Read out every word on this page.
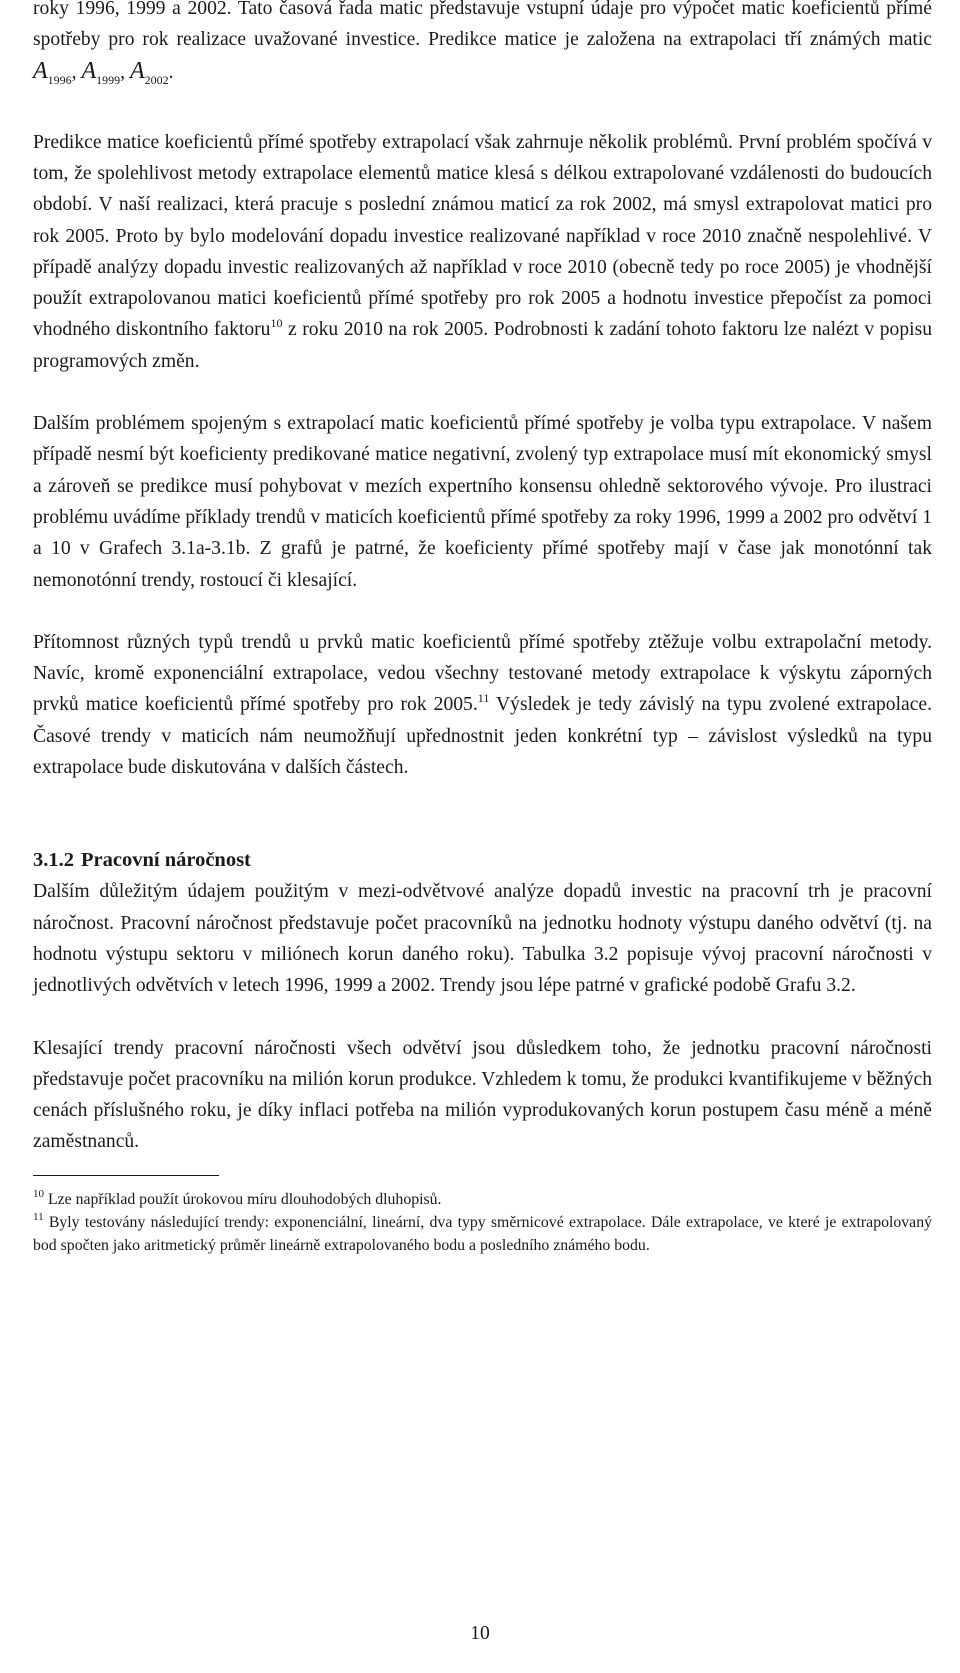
roky 1996, 1999 a 2002. Tato časová řada matic představuje vstupní údaje pro výpočet matic koeficientů přímé spotřeby pro rok realizace uvažované investice. Predikce matice je založena na extrapolaci tří známých matic $A_{1996}$, $A_{1999}$, $A_{2002}$.

Predikce matice koeficientů přímé spotřeby extrapolací však zahrnuje několik problémů. První problém spočívá v tom, že spolehlivost metody extrapolace elementů matice klesá s délkou extrapolované vzdálenosti do budoucích období. V naší realizaci, která pracuje s poslední známou maticí za rok 2002, má smysl extrapolovat matici pro rok 2005. Proto by bylo modelování dopadu investice realizované například v roce 2010 značně nespolehlivé. V případě analýzy dopadu investic realizovaných až například v roce 2010 (obecně tedy po roce 2005) je vhodnější použít extrapolovanou matici koeficientů přímé spotřeby pro rok 2005 a hodnotu investice přepočíst za pomoci vhodného diskontního faktoru$^{10}$ z roku 2010 na rok 2005. Podrobnosti k zadání tohoto faktoru lze nalézt v popisu programových změn.

Dalším problémem spojeným s extrapolací matic koeficientů přímé spotřeby je volba typu extrapolace. V našem případě nesmí být koeficienty predikované matice negativní, zvolený typ extrapolace musí mít ekonomický smysl a zároveň se predikce musí pohybovat v mezích expertního konsensu ohledně sektorového vývoje. Pro ilustraci problému uvádíme příklady trendů v maticích koeficientů přímé spotřeby za roky 1996, 1999 a 2002 pro odvětví 1 a 10 v Grafech 3.1a-3.1b. Z grafů je patrné, že koeficienty přímé spotřeby mají v čase jak monotónní tak nemonotónní trendy, rostoucí či klesající.

Přítomnost různých typů trendů u prvků matic koeficientů přímé spotřeby ztěžuje volbu extrapolační metody. Navíc, kromě exponenciální extrapolace, vedou všechny testované metody extrapolace k výskytu záporných prvků matice koeficientů přímé spotřeby pro rok 2005.11 Výsledek je tedy závislý na typu zvolené extrapolace. Časové trendy v maticích nám neumožňují upřednostnit jeden konkrétní typ – závislost výsledků na typu extrapolace bude diskutována v dalších částech.

3.1.2 Pracovní náročnost

Dalším důležitým údajem použitým v mezi-odvětvové analýze dopadů investic na pracovní trh je pracovní náročnost. Pracovní náročnost představuje počet pracovníků na jednotku hodnoty výstupu daného odvětví (tj. na hodnotu výstupu sektoru v miliónech korun daného roku). Tabulka 3.2 popisuje vývoj pracovní náročnosti v jednotlivých odvětvích v letech 1996, 1999 a 2002. Trendy jsou lépe patrné v grafické podobě Grafu 3.2.

Klesající trendy pracovní náročnosti všech odvětví jsou důsledkem toho, že jednotku pracovní náročnosti představuje počet pracovníku na milión korun produkce. Vzhledem k tomu, že produkci kvantifikujeme v běžných cenách příslušného roku, je díky inflaci potřeba na milión vyprodukovaných korun postupem času méně a méně zaměstnanců.

$^{10}$ Lze například použít úrokovou míru dlouhodobých dluhopisů.

$^{11}$ Byly testovány následující trendy: exponenciální, lineární, dva typy směrnicové extrapolace. Dále extrapolace, ve které je extrapolovaný bod spočten jako aritmetický průměr lineárně extrapolovaného bodu a posledního známého bodu.

10
